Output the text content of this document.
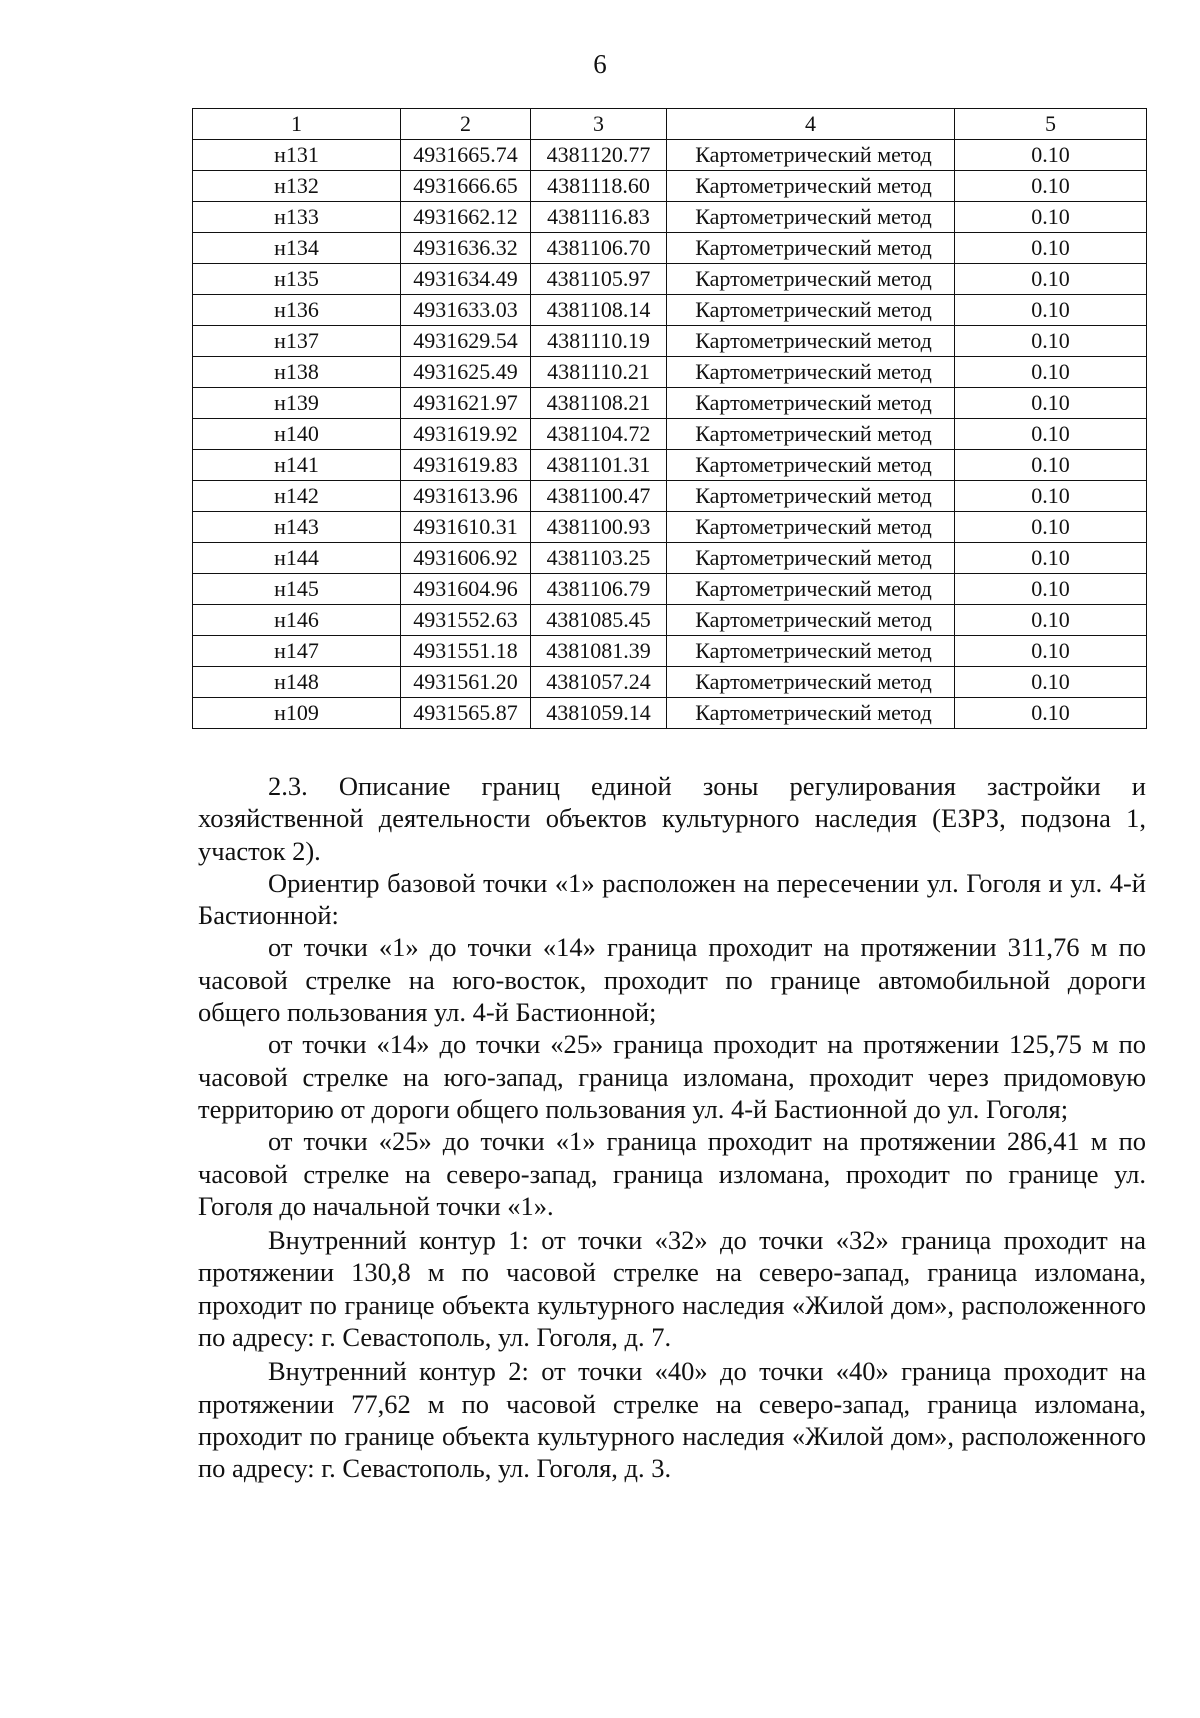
6
1	2	3	4	5
н131	4931665.74	4381120.77	Картометрический метод	0.10
н132	4931666.65	4381118.60	Картометрический метод	0.10
н133	4931662.12	4381116.83	Картометрический метод	0.10
н134	4931636.32	4381106.70	Картометрический метод	0.10
н135	4931634.49	4381105.97	Картометрический метод	0.10
н136	4931633.03	4381108.14	Картометрический метод	0.10
н137	4931629.54	4381110.19	Картометрический метод	0.10
н138	4931625.49	4381110.21	Картометрический метод	0.10
н139	4931621.97	4381108.21	Картометрический метод	0.10
н140	4931619.92	4381104.72	Картометрический метод	0.10
н141	4931619.83	4381101.31	Картометрический метод	0.10
н142	4931613.96	4381100.47	Картометрический метод	0.10
н143	4931610.31	4381100.93	Картометрический метод	0.10
н144	4931606.92	4381103.25	Картометрический метод	0.10
н145	4931604.96	4381106.79	Картометрический метод	0.10
н146	4931552.63	4381085.45	Картометрический метод	0.10
н147	4931551.18	4381081.39	Картометрический метод	0.10
н148	4931561.20	4381057.24	Картометрический метод	0.10
н109	4931565.87	4381059.14	Картометрический метод	0.10

2.3. Описание границ единой зоны регулирования застройки и хозяйственной деятельности объектов культурного наследия (ЕЗРЗ, подзона 1, участок 2).

Ориентир базовой точки «1» расположен на пересечении ул. Гоголя и ул. 4-й Бастионной:

от точки «1» до точки «14» граница проходит на протяжении 311,76 м по часовой стрелке на юго-восток, проходит по границе автомобильной дороги общего пользования ул. 4-й Бастионной;

от точки «14» до точки «25» граница проходит на протяжении 125,75 м по часовой стрелке на юго-запад, граница изломана, проходит через придомовую территорию от дороги общего пользования ул. 4-й Бастионной до ул. Гоголя;

от точки «25» до точки «1» граница проходит на протяжении 286,41 м по часовой стрелке на северо-запад, граница изломана, проходит по границе ул. Гоголя до начальной точки «1».

Внутренний контур 1: от точки «32» до точки «32» граница проходит на протяжении 130,8 м по часовой стрелке на северо-запад, граница изломана, проходит по границе объекта культурного наследия «Жилой дом», расположенного по адресу: г. Севастополь, ул. Гоголя, д. 7.

Внутренний контур 2: от точки «40» до точки «40» граница проходит на протяжении 77,62 м по часовой стрелке на северо-запад, граница изломана, проходит по границе объекта культурного наследия «Жилой дом», расположенного по адресу: г. Севастополь, ул. Гоголя, д. 3.
